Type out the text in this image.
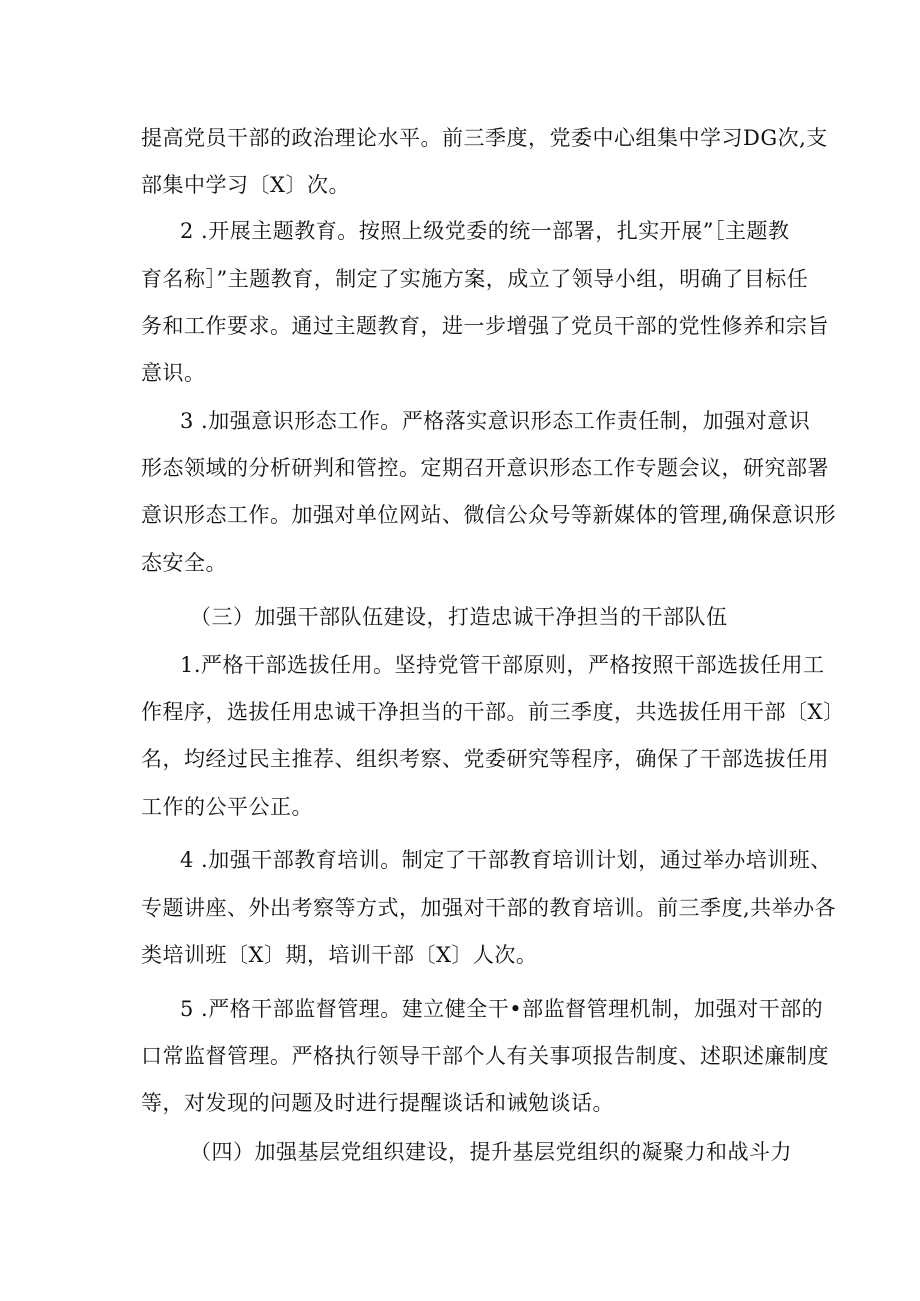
提高党员干部的政治理论水平。前三季度，党委中心组集中学习DG次,支
部集中学习〔X〕次。
2 .开展主题教育。按照上级党委的统一部署，扎实开展”［主题教
育名称］”主题教育，制定了实施方案，成立了领导小组，明确了目标任
务和工作要求。通过主题教育，进一步增强了党员干部的党性修养和宗旨
意识。
3 .加强意识形态工作。严格落实意识形态工作责任制，加强对意识
形态领域的分析研判和管控。定期召开意识形态工作专题会议，研究部署
意识形态工作。加强对单位网站、微信公众号等新媒体的管理,确保意识形
态安全。
（三）加强干部队伍建设，打造忠诚干净担当的干部队伍
1.严格干部选拔任用。坚持党管干部原则，严格按照干部选拔任用工
作程序，选拔任用忠诚干净担当的干部。前三季度，共选拔任用干部〔X〕
名，均经过民主推荐、组织考察、党委研究等程序，确保了干部选拔任用
工作的公平公正。
4 .加强干部教育培训。制定了干部教育培训计划，通过举办培训班、
专题讲座、外出考察等方式，加强对干部的教育培训。前三季度,共举办各
类培训班〔X〕期，培训干部〔X〕人次。
5 .严格干部监督管理。建立健全干•部监督管理机制，加强对干部的
口常监督管理。严格执行领导干部个人有关事项报告制度、述职述廉制度
等，对发现的问题及时进行提醒谈话和诫勉谈话。
（四）加强基层党组织建设，提升基层党组织的凝聚力和战斗力
